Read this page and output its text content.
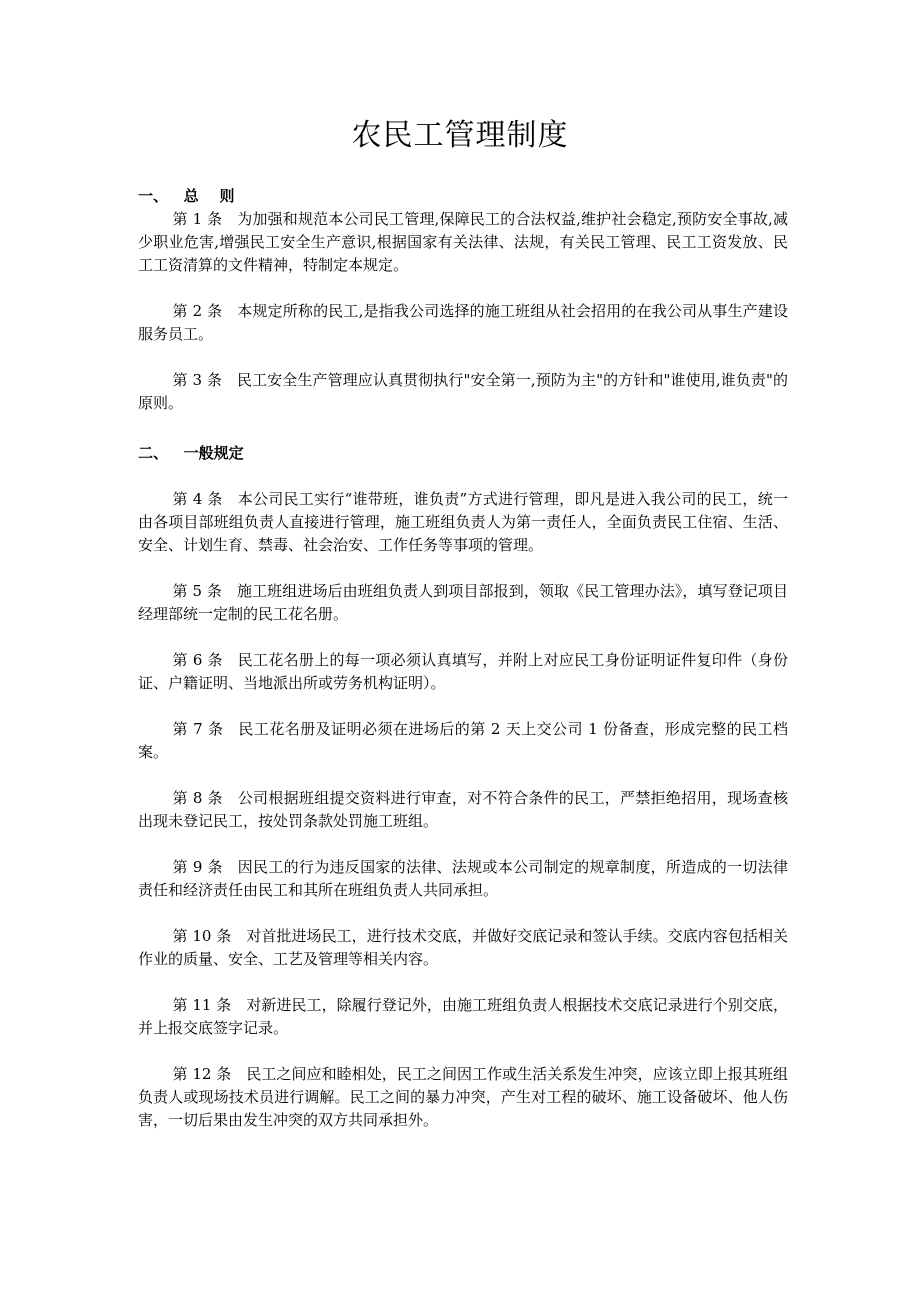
农民工管理制度

一、   总    则

第 1 条 为加强和规范本公司民工管理,保障民工的合法权益,维护社会稳定,预防安全事故,减少职业危害,增强民工安全生产意识,根据国家有关法律、法规，有关民工管理、民工工资发放、民工工资清算的文件精神，特制定本规定。

第 2 条 本规定所称的民工,是指我公司选择的施工班组从社会招用的在我公司从事生产建设服务员工。

第 3 条 民工安全生产管理应认真贯彻执行"安全第一,预防为主"的方针和"谁使用,谁负责"的原则。

二、   一般规定

第 4 条 本公司民工实行“谁带班，谁负责”方式进行管理，即凡是进入我公司的民工，统一由各项目部班组负责人直接进行管理，施工班组负责人为第一责任人，全面负责民工住宿、生活、安全、计划生育、禁毒、社会治安、工作任务等事项的管理。

第 5 条 施工班组进场后由班组负责人到项目部报到，领取《民工管理办法》，填写登记项目经理部统一定制的民工花名册。

第 6 条 民工花名册上的每一项必须认真填写，并附上对应民工身份证明证件复印件（身份证、户籍证明、当地派出所或劳务机构证明）。

第 7 条 民工花名册及证明必须在进场后的第 2 天上交公司 1 份备查，形成完整的民工档案。

第 8 条 公司根据班组提交资料进行审查，对不符合条件的民工，严禁拒绝招用，现场查核出现未登记民工，按处罚条款处罚施工班组。

第 9 条 因民工的行为违反国家的法律、法规或本公司制定的规章制度，所造成的一切法律责任和经济责任由民工和其所在班组负责人共同承担。

第 10 条 对首批进场民工，进行技术交底，并做好交底记录和签认手续。交底内容包括相关作业的质量、安全、工艺及管理等相关内容。

第 11 条 对新进民工，除履行登记外，由施工班组负责人根据技术交底记录进行个别交底，并上报交底签字记录。

第 12 条 民工之间应和睦相处，民工之间因工作或生活关系发生冲突，应该立即上报其班组负责人或现场技术员进行调解。民工之间的暴力冲突，产生对工程的破坏、施工设备破坏、他人伤害，一切后果由发生冲突的双方共同承担外。
